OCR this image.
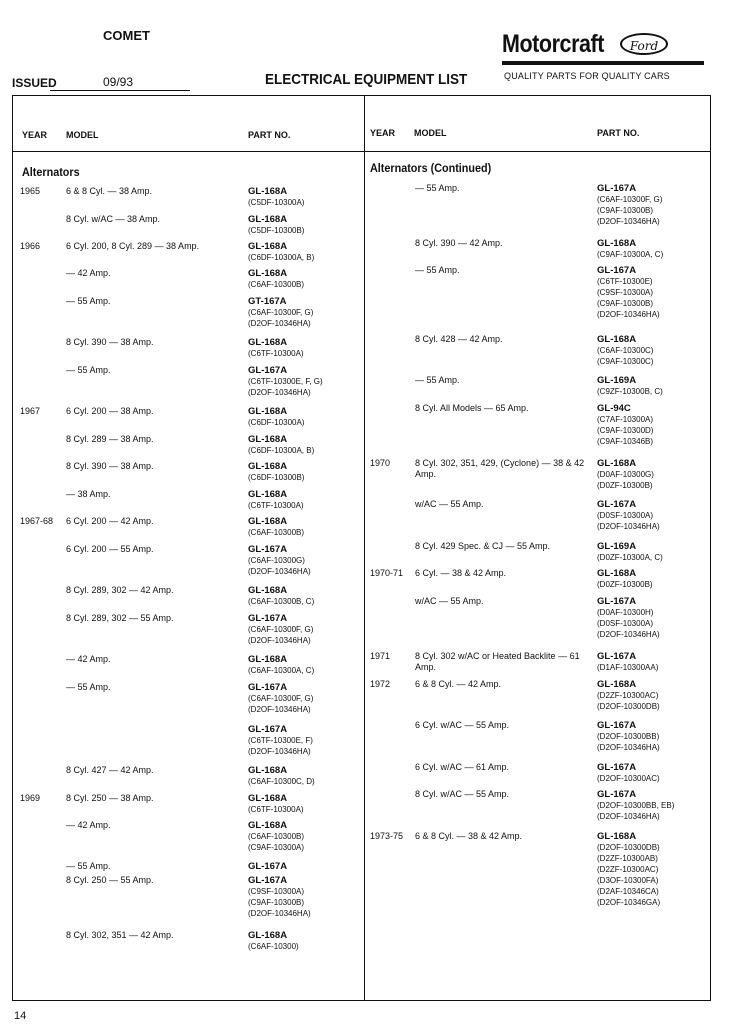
COMET	Motorcraft	Ford
QUALITY PARTS FOR QUALITY CARS
ISSUED	09/93	ELECTRICAL EQUIPMENT LIST
YEAR MODEL	PART NO.	YEAR MODEL	PART NO.
Alternators	Alternators (Continued)
1965	6 & 8 Cyl. — 38 Amp.	GL-168A
(C5DF-10300A)
8 Cyl. w/AC — 38 Amp.	GL-168A
(C5DF-10300B)
1966	6 Cyl. 200, 8 Cyl. 289 — 38 Amp.	GL-168A
(C6DF-10300A, B)
— 42 Amp.	GL-168A
(C6AF-10300B)
— 55 Amp.	GT-167A
(C6AF-10300F, G)
(D2OF-10346HA)
8 Cyl. 390 — 38 Amp.	GL-168A
(C6TF-10300A)
— 55 Amp.	GL-167A
(C6TF-10300E, F, G)
(D2OF-10346HA)
1967	6 Cyl. 200 — 38 Amp.	GL-168A
(C6DF-10300A)
8 Cyl. 289 — 38 Amp.	GL-168A
(C6DF-10300A, B)
8 Cyl. 390 — 38 Amp.	GL-168A
(C6DF-10300B)
— 38 Amp.	GL-168A
(C6TF-10300A)
1967-68 6 Cyl. 200 — 42 Amp.	GL-168A
(C6AF-10300B)
6 Cyl. 200 — 55 Amp.	GL-167A
(C6AF-10300G)
(D2OF-10346HA)
8 Cyl. 289, 302 — 42 Amp.	GL-168A
(C6AF-10300B, C)
8 Cyl. 289, 302 — 55 Amp.	GL-167A
(C6AF-10300F, G)
(D2OF-10346HA)
— 42 Amp.	GL-168A
(C6AF-10300A, C)
— 55 Amp.	GL-167A
(C6AF-10300F, G)
(D2OF-10346HA)
GL-167A
(C6TF-10300E, F)
(D2OF-10346HA)
8 Cyl. 427 — 42 Amp.	GL-168A
(C6AF-10300C, D)
1969	8 Cyl. 250 — 38 Amp.	GL-168A
(C6TF-10300A)
— 42 Amp.	GL-168A
(C6AF-10300B)
(C9AF-10300A)
— 55 Amp.	GL-167A
8 Cyl. 250 — 55 Amp.	GL-167A
(C9SF-10300A)
(C9AF-10300B)
(D2OF-10346HA)
8 Cyl. 302, 351 — 42 Amp.	GL-168A
(C6AF-10300)
— 55 Amp.	GL-167A
(C6AF-10300F, G)
(C9AF-10300B)
(D2OF-10346HA)
8 Cyl. 390 — 42 Amp.	GL-168A
(C9AF-10300A, C)
— 55 Amp.	GL-167A
(C6TF-10300E)
(C9SF-10300A)
(C9AF-10300B)
(D2OF-10346HA)
8 Cyl. 428 — 42 Amp.	GL-168A
(C6AF-10300C)
(C9AF-10300C)
— 55 Amp.	GL-169A
(C9ZF-10300B, C)
8 Cyl. All Models — 65 Amp.	GL-94C
(C7AF-10300A)
(C9AF-10300D)
(C9AF-10346B)
1970	8 Cyl. 302, 351, 429, (Cyclone) — 38 & 42 Amp.
GL-168A
(D0AF-10300G)
(D0ZF-10300B)
w/AC — 55 Amp.	GL-167A
(D0SF-10300A)
(D2OF-10346HA)
8 Cyl. 429 Spec. & CJ — 55 Amp.	GL-169A
(D0ZF-10300A, C)
1970-71 6 Cyl. — 38 & 42 Amp.	GL-168A
(D0ZF-10300B)
w/AC — 55 Amp.	GL-167A
(D0AF-10300H)
(D0SF-10300A)
(D2OF-10346HA)
1971	8 Cyl. 302 w/AC or Heated Backlite — 61 Amp.
GL-167A
(D1AF-10300AA)
1972	6 & 8 Cyl. — 42 Amp.	GL-168A
(D2ZF-10300AC)
(D2OF-10300DB)
6 Cyl. w/AC — 55 Amp.	GL-167A
(D2OF-10300BB)
(D2OF-10346HA)
6 Cyl. w/AC — 61 Amp.	GL-167A
(D2OF-10300AC)
8 Cyl. w/AC — 55 Amp.	GL-167A
(D2OF-10300BB, EB)
(D2OF-10346HA)
1973-75 6 & 8 Cyl. — 38 & 42 Amp.	GL-168A
(D2OF-10300DB)
(D2ZF-10300AB)
(D2ZF-10300AC)
(D3OF-10300FA)
(D2AF-10346CA)
(D2OF-10346GA)
14
